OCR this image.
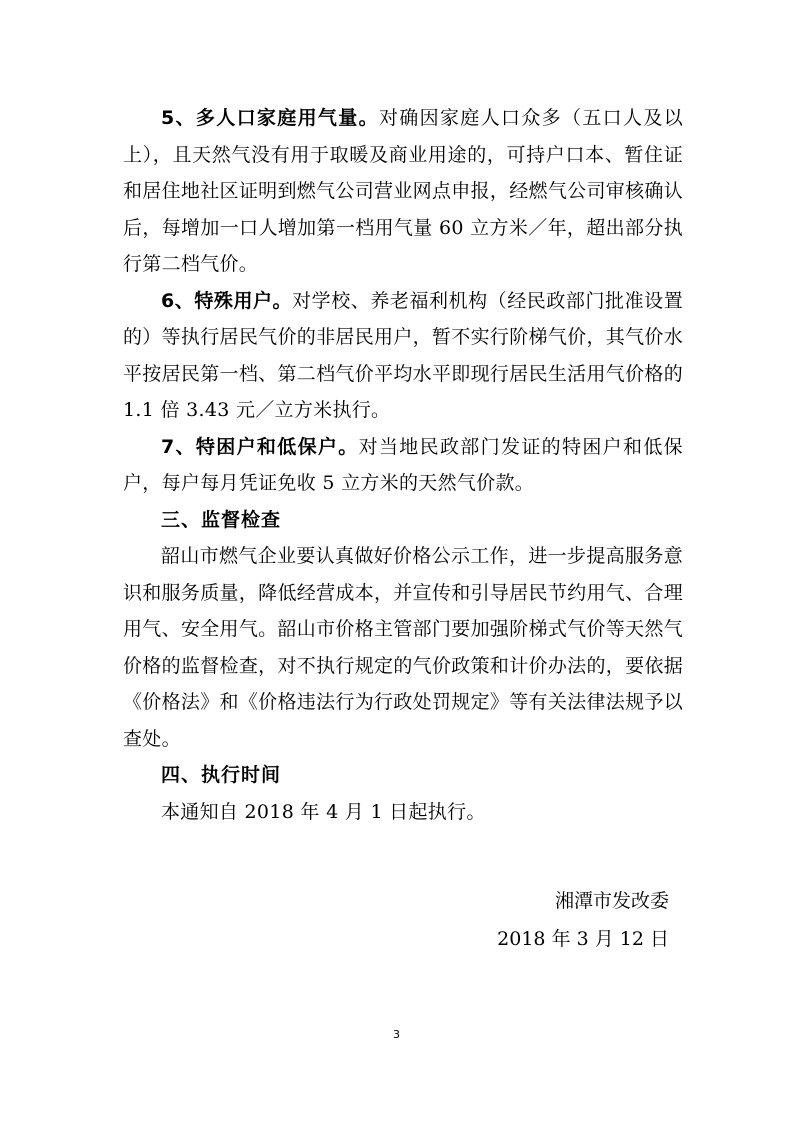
5、多人口家庭用气量。对确因家庭人口众多（五口人及以上），且天然气没有用于取暖及商业用途的，可持户口本、暂住证和居住地社区证明到燃气公司营业网点申报，经燃气公司审核确认后，每增加一口人增加第一档用气量 60 立方米／年，超出部分执行第二档气价。

6、特殊用户。对学校、养老福利机构（经民政部门批准设置的）等执行居民气价的非居民用户，暂不实行阶梯气价，其气价水平按居民第一档、第二档气价平均水平即现行居民生活用气价格的 1.1 倍 3.43 元／立方米执行。

7、特困户和低保户。对当地民政部门发证的特困户和低保户，每户每月凭证免收 5 立方米的天然气价款。

三、监督检查

韶山市燃气企业要认真做好价格公示工作，进一步提高服务意识和服务质量，降低经营成本，并宣传和引导居民节约用气、合理用气、安全用气。韶山市价格主管部门要加强阶梯式气价等天然气价格的监督检查，对不执行规定的气价政策和计价办法的，要依据《价格法》和《价格违法行为行政处罚规定》等有关法律法规予以查处。

四、执行时间

本通知自 2018 年 4 月 1 日起执行。

湘潭市发改委
2018 年 3 月 12 日
3
